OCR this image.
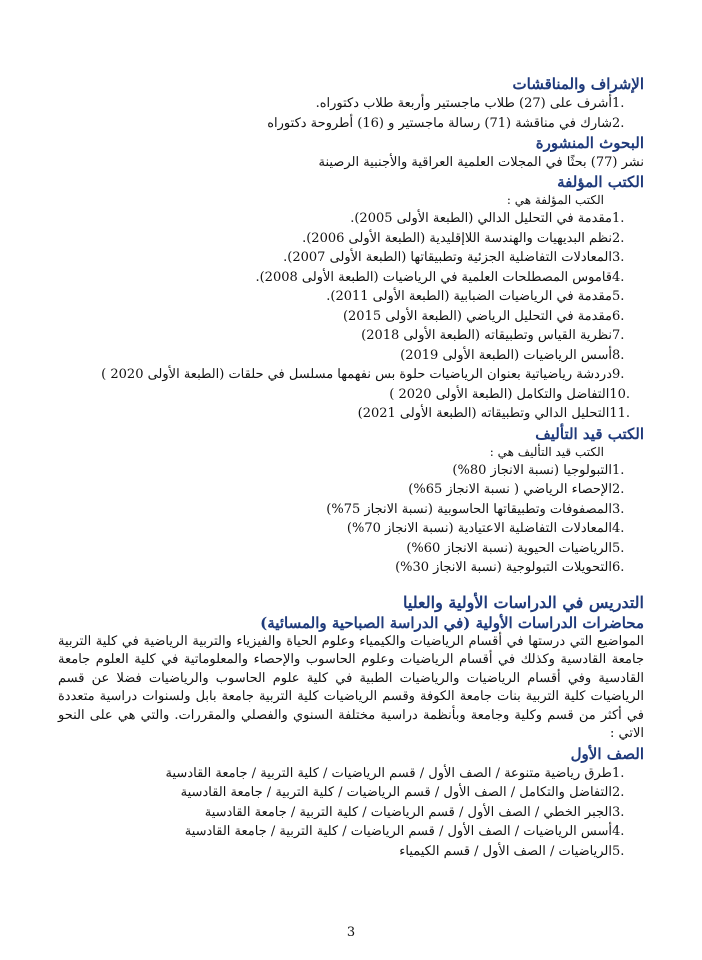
الإشراف والمناقشات
.1
أشرف على (27) طلاب ماجستير وأربعة طلاب دكتوراه.
.2
شارك في مناقشة (71) رسالة ماجستير و (16) أطروحة دكتوراه
البحوث المنشورة

نشر (77) بحثًا في المجلات العلمية العراقية والأجنبية الرصينة

الكتب المؤلفة

الكتب المؤلفة هي :

.1
مقدمة في التحليل الدالي (الطبعة الأولى 2005).
.2
نظم البديهيات والهندسة اللاإقليدية (الطبعة الأولى 2006).
.3
المعادلات التفاضلية الجزئية وتطبيقاتها (الطبعة الأولى 2007).
.4
قاموس المصطلحات العلمية في الرياضيات (الطبعة الأولى 2008).
.5
مقدمة في الرياضيات الضبابية (الطبعة الأولى 2011).
.6
مقدمة في التحليل الرياضي (الطبعة الأولى 2015)
.7
نظرية القياس وتطبيقاته (الطبعة الأولى 2018)
.8
أسس الرياضيات (الطبعة الأولى 2019)
.9
دردشة رياضياتية بعنوان الرياضيات حلوة بس نفهمها مسلسل في حلقات (الطبعة الأولى 2020 )
.10
التفاضل والتكامل (الطبعة الأولى 2020 )
.11
التحليل الدالي وتطبيقاته (الطبعة الأولى 2021)
الكتب قيد التأليف

الكتب قيد التأليف هي :

.1
التبولوجيا (نسبة الانجاز 80%)
.2
الإحصاء الرياضي ( نسبة الانجاز 65%)
.3
المصفوفات وتطبيقاتها الحاسوبية (نسبة الانجاز 75%)
.4
المعادلات التفاضلية الاعتيادية (نسبة الانجاز 70%)
.5
الرياضيات الحيوية (نسبة الانجاز 60%)
.6
التحويلات التبولوجية (نسبة الانجاز 30%)
التدريس في الدراسات الأولية والعليا
محاضرات الدراسات الأولية (في الدراسة الصباحية والمسائية)

المواضيع التي درستها في أقسام الرياضيات والكيمياء وعلوم الحياة والفيزياء والتربية الرياضية في كلية التربية جامعة القادسية وكذلك في أقسام الرياضيات وعلوم الحاسوب والإحصاء والمعلوماتية في كلية العلوم جامعة القادسية وفي أقسام الرياضيات والرياضيات الطبية في كلية علوم الحاسوب والرياضيات فضلا عن قسم الرياضيات كلية التربية بنات جامعة الكوفة وقسم الرياضيات كلية التربية جامعة بابل ولسنوات دراسية متعددة في أكثر من قسم وكلية وجامعة وبأنظمة دراسية مختلفة السنوي والفصلي والمقررات. والتي هي على النحو الاتي :

الصف الأول
.1
طرق رياضية متنوعة / الصف الأول / قسم الرياضيات / كلية التربية / جامعة القادسية
.2
التفاضل والتكامل / الصف الأول / قسم الرياضيات / كلية التربية / جامعة القادسية
.3
الجبر الخطي / الصف الأول / قسم الرياضيات / كلية التربية / جامعة القادسية
.4
أسس الرياضيات / الصف الأول / قسم الرياضيات / كلية التربية / جامعة القادسية
.5
الرياضيات / الصف الأول / قسم الكيمياء
3
